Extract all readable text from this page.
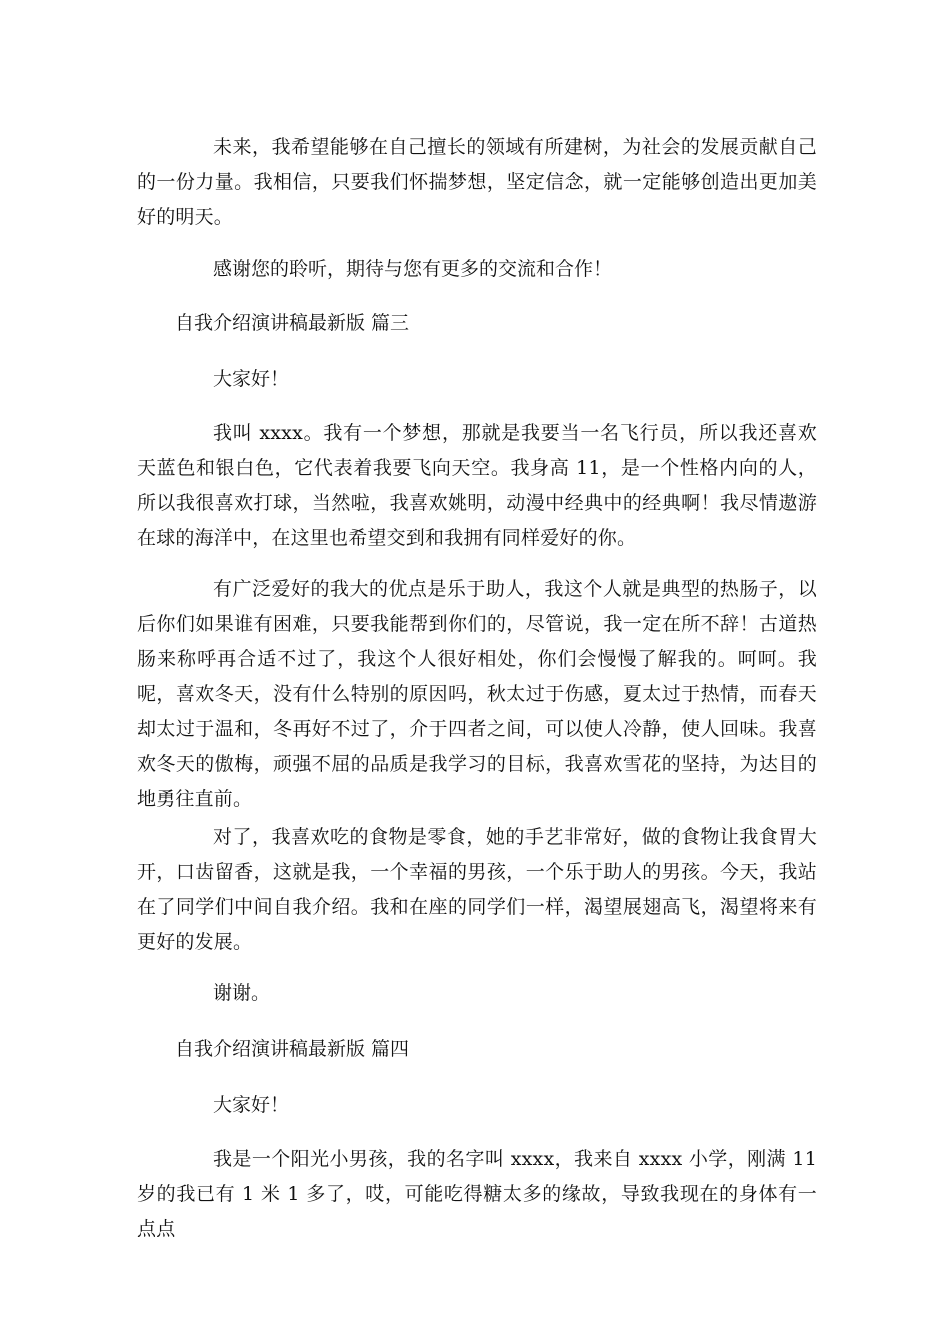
未来，我希望能够在自己擅长的领域有所建树，为社会的发展贡献自己的一份力量。我相信，只要我们怀揣梦想，坚定信念，就一定能够创造出更加美好的明天。

感谢您的聆听，期待与您有更多的交流和合作！

自我介绍演讲稿最新版 篇三

大家好！

我叫 xxxx。我有一个梦想，那就是我要当一名飞行员，所以我还喜欢天蓝色和银白色，它代表着我要飞向天空。我身高 11，是一个性格内向的人，所以我很喜欢打球，当然啦，我喜欢姚明，动漫中经典中的经典啊！我尽情遨游在球的海洋中，在这里也希望交到和我拥有同样爱好的你。

有广泛爱好的我大的优点是乐于助人，我这个人就是典型的热肠子，以后你们如果谁有困难，只要我能帮到你们的，尽管说，我一定在所不辞！古道热肠来称呼再合适不过了，我这个人很好相处，你们会慢慢了解我的。呵呵。我呢，喜欢冬天，没有什么特别的原因吗，秋太过于伤感，夏太过于热情，而春天却太过于温和，冬再好不过了，介于四者之间，可以使人冷静，使人回味。我喜欢冬天的傲梅，顽强不屈的品质是我学习的目标，我喜欢雪花的坚持，为达目的地勇往直前。

对了，我喜欢吃的食物是零食，她的手艺非常好，做的食物让我食胃大开，口齿留香，这就是我，一个幸福的男孩，一个乐于助人的男孩。今天，我站在了同学们中间自我介绍。我和在座的同学们一样，渴望展翅高飞，渴望将来有更好的发展。

谢谢。

自我介绍演讲稿最新版 篇四

大家好！

我是一个阳光小男孩，我的名字叫 xxxx，我来自 xxxx 小学，刚满 11 岁的我已有 1 米 1 多了，哎，可能吃得糖太多的缘故，导致我现在的身体有一点点
